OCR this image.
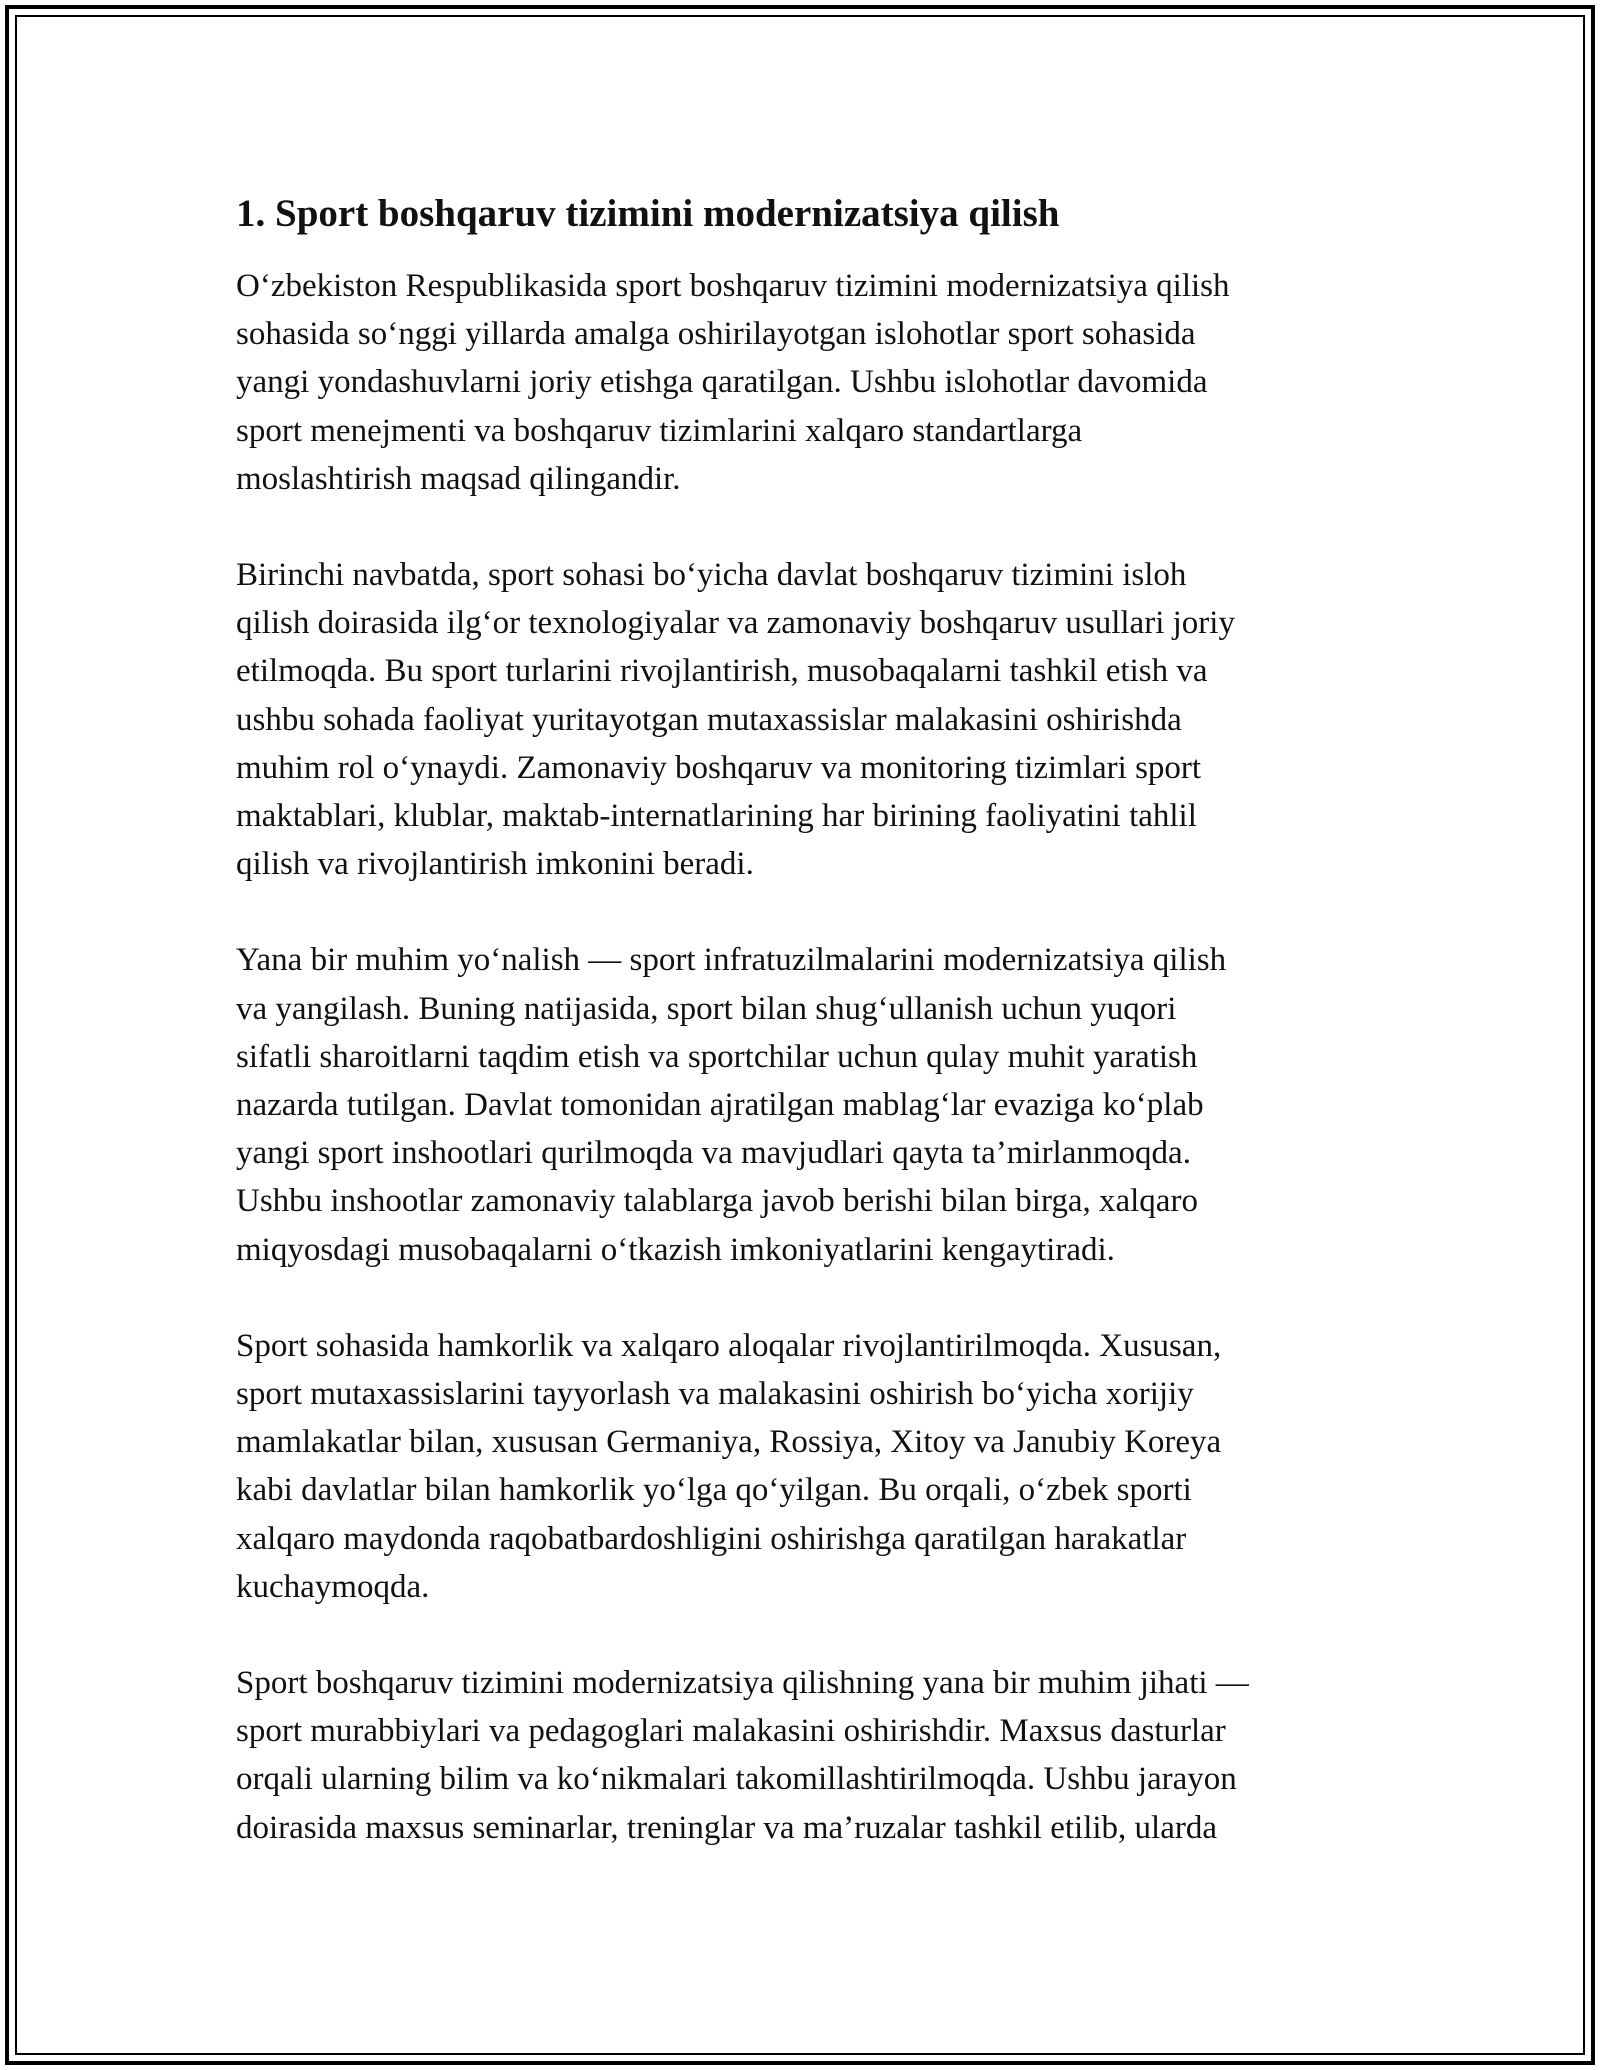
1. Sport boshqaruv tizimini modernizatsiya qilish

O‘zbekiston Respublikasida sport boshqaruv tizimini modernizatsiya qilish
sohasida so‘nggi yillarda amalga oshirilayotgan islohotlar sport sohasida
yangi yondashuvlarni joriy etishga qaratilgan. Ushbu islohotlar davomida
sport menejmenti va boshqaruv tizimlarini xalqaro standartlarga
moslashtirish maqsad qilingandir.

Birinchi navbatda, sport sohasi bo‘yicha davlat boshqaruv tizimini isloh
qilish doirasida ilg‘or texnologiyalar va zamonaviy boshqaruv usullari joriy
etilmoqda. Bu sport turlarini rivojlantirish, musobaqalarni tashkil etish va
ushbu sohada faoliyat yuritayotgan mutaxassislar malakasini oshirishda
muhim rol o‘ynaydi. Zamonaviy boshqaruv va monitoring tizimlari sport
maktablari, klublar, maktab-internatlarining har birining faoliyatini tahlil
qilish va rivojlantirish imkonini beradi.

Yana bir muhim yo‘nalish — sport infratuzilmalarini modernizatsiya qilish
va yangilash. Buning natijasida, sport bilan shug‘ullanish uchun yuqori
sifatli sharoitlarni taqdim etish va sportchilar uchun qulay muhit yaratish
nazarda tutilgan. Davlat tomonidan ajratilgan mablag‘lar evaziga ko‘plab
yangi sport inshootlari qurilmoqda va mavjudlari qayta ta’mirlanmoqda.
Ushbu inshootlar zamonaviy talablarga javob berishi bilan birga, xalqaro
miqyosdagi musobaqalarni o‘tkazish imkoniyatlarini kengaytiradi.

Sport sohasida hamkorlik va xalqaro aloqalar rivojlantirilmoqda. Xususan,
sport mutaxassislarini tayyorlash va malakasini oshirish bo‘yicha xorijiy
mamlakatlar bilan, xususan Germaniya, Rossiya, Xitoy va Janubiy Koreya
kabi davlatlar bilan hamkorlik yo‘lga qo‘yilgan. Bu orqali, o‘zbek sporti
xalqaro maydonda raqobatbardoshligini oshirishga qaratilgan harakatlar
kuchaymoqda.

Sport boshqaruv tizimini modernizatsiya qilishning yana bir muhim jihati —
sport murabbiylari va pedagoglari malakasini oshirishdir. Maxsus dasturlar
orqali ularning bilim va ko‘nikmalari takomillashtirilmoqda. Ushbu jarayon
doirasida maxsus seminarlar, treninglar va ma’ruzalar tashkil etilib, ularda
